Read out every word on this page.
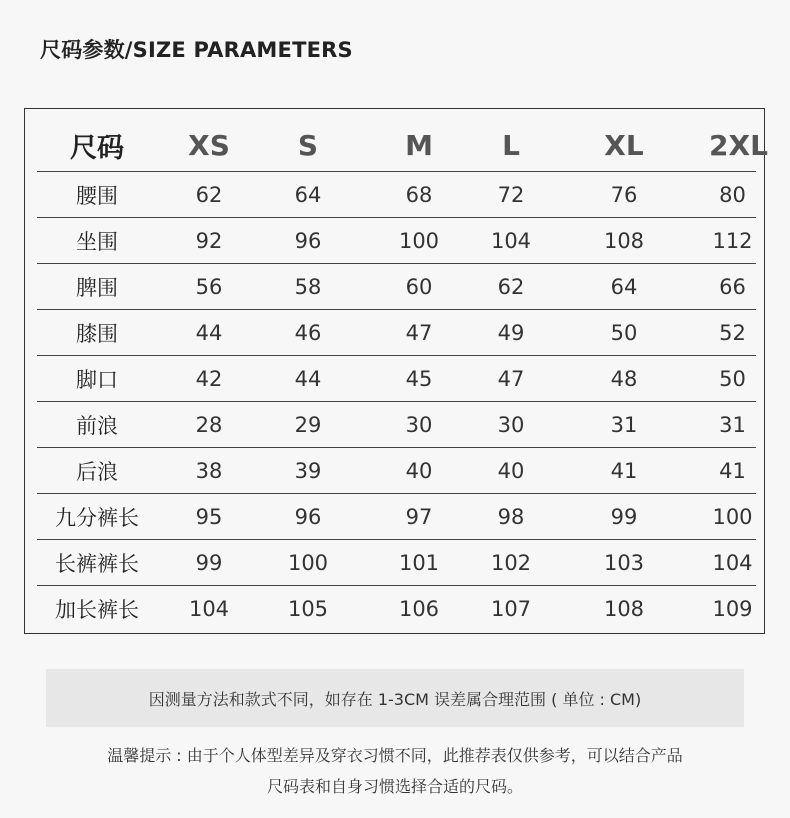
尺码参数/SIZE PARAMETERS
尺码	XS	S	M	L	XL	2XL
腰围	62	64	68	72	76	80
坐围	92	96	100	104	108	112
脾围	56	58	60	62	64	66
膝围	44	46	47	49	50	52
脚口	42	44	45	47	48	50
前浪	28	29	30	30	31	31
后浪	38	39	40	40	41	41
九分裤长	95	96	97	98	99	100
长裤裤长	99	100	101	102	103	104
加长裤长	104	105	106	107	108	109
因测量方法和款式不同，如存在 1-3CM 误差属合理范围 ( 单位 : CM)
温馨提示 : 由于个人体型差异及穿衣习惯不同，此推荐表仅供参考，可以结合产品
尺码表和自身习惯选择合适的尺码。
